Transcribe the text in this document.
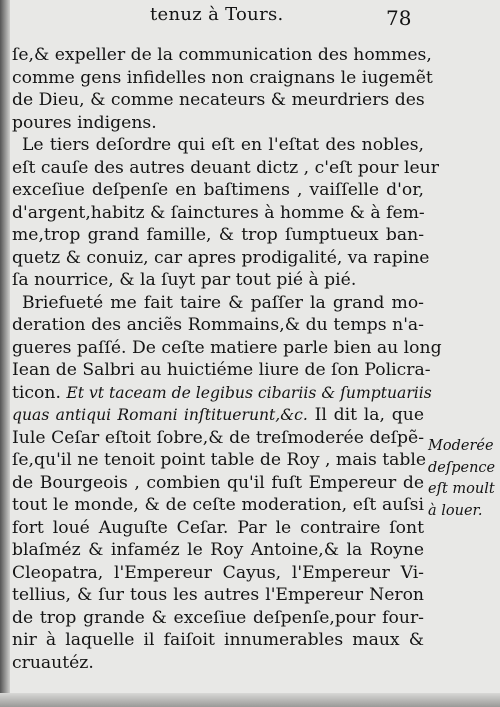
tenuz à Tours.	78
ſe,& expeller de la communication des hommes,
comme gens infidelles non craignans le iugemẽt
de Dieu, & comme necateurs & meurdriers des
poures indigens.
Le tiers deſordre qui eſt en l'eſtat des nobles,
eſt cauſe des autres deuant dictz , c'eſt pour leur
exceſiue deſpenſe en baſtimens , vaiſſelle d'or,
d'argent,habitz & ſainctures à homme & à fem-
me,trop grand famille, & trop ſumptueux ban-
quetz & conuiz, car apres prodigalité, va rapine
ſa nourrice, & la ſuyt par tout pié à pié.
Briefueté me fait taire & paſſer la grand mo-
deration des anciẽs Rommains,& du temps n'a-
gueres paſſé. De ceſte matiere parle bien au long
Iean de Salbri au huictiéme liure de ſon Policra-
ticon. Et vt taceam de legibus cibariis & ſumptuariis
quas antiqui Romani inſtituerunt,&c. Il dit la, que
Iule Ceſar eſtoit ſobre,& de treſmoderée deſpẽ-
ſe,qu'il ne tenoit point table de Roy , mais table
de Bourgeois , combien qu'il fuſt Empereur de
tout le monde, & de ceſte moderation, eſt auſsi
fort loué Auguſte Ceſar. Par le contraire ſont
blaſméz & infaméz le Roy Antoine,& la Royne
Cleopatra, l'Empereur Cayus, l'Empereur Vi-
tellius, & ſur tous les autres l'Empereur Neron
de trop grande & exceſiue deſpenſe,pour four-
nir à laquelle il faiſoit innumerables maux &
cruautéz.
Moderée
deſpence
eſt moult
à louer.
